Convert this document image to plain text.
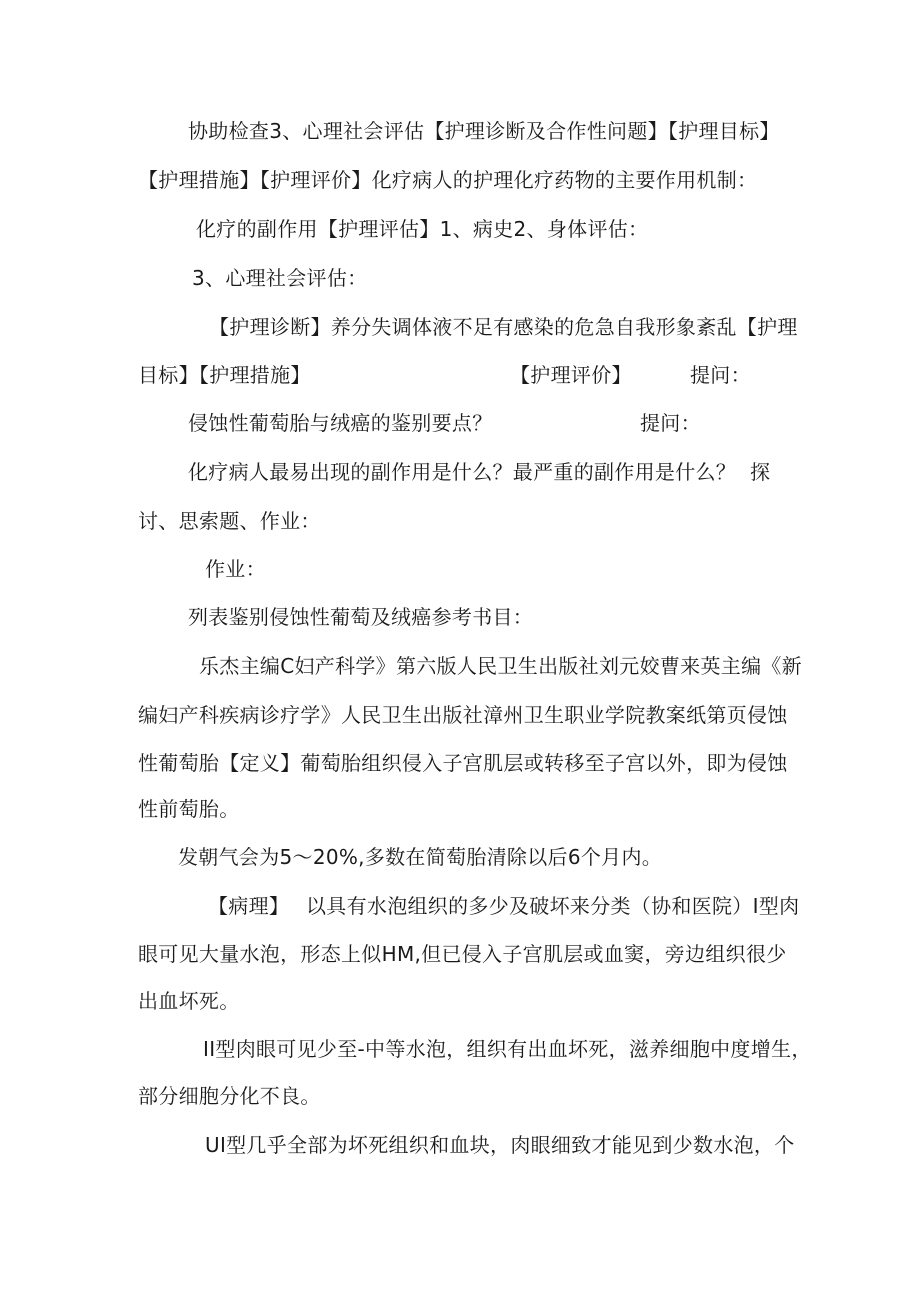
协助检查3、心理社会评估【护理诊断及合作性问题】【护理目标】
【护理措施】【护理评价】化疗病人的护理化疗药物的主要作用机制：
化疗的副作用【护理评估】1、病史2、身体评估：
3、心理社会评估：
【护理诊断】养分失调体液不足有感染的危急自我形象紊乱【护理
目标】【护理措施】	【护理评价】	提问：
侵蚀性葡萄胎与绒癌的鉴别要点？	提问：
化疗病人最易出现的副作用是什么？最严重的副作用是什么？ 探
讨、思索题、作业：
作业：
列表鉴别侵蚀性葡萄及绒癌参考书目：
乐杰主编C妇产科学》第六版人民卫生出版社刘元姣曹来英主编《新
编妇产科疾病诊疗学》人民卫生出版社漳州卫生职业学院教案纸第页侵蚀
性葡萄胎【定义】葡萄胎组织侵入子宫肌层或转移至子宫以外，即为侵蚀
性前萄胎。
发朝气会为5～20%,多数在简萄胎清除以后6个月内。
【病理】 以具有水泡组织的多少及破坏来分类（协和医院）I型肉
眼可见大量水泡，形态上似HM,但已侵入子宫肌层或血窦，旁边组织很少
出血坏死。
II型肉眼可见少至-中等水泡，组织有出血坏死，滋养细胞中度增生，
部分细胞分化不良。
UI型几乎全部为坏死组织和血块，肉眼细致才能见到少数水泡，个
